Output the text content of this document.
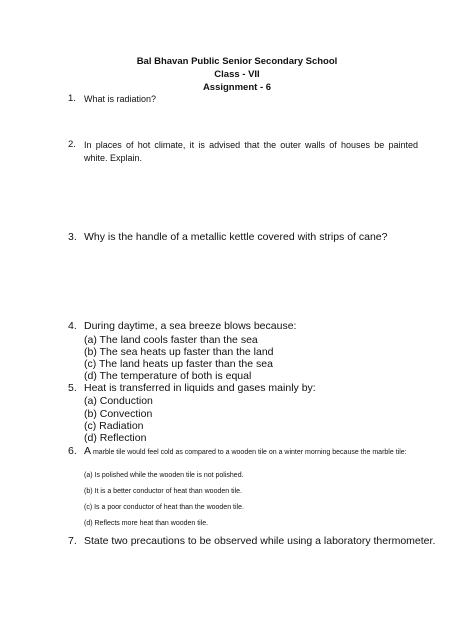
Bal Bhavan Public Senior Secondary School
Class - VII
Assignment - 6
1. What is radiation?
2. In places of hot climate, it is advised that the outer walls of houses be painted white. Explain.
3. Why is the handle of a metallic kettle covered with strips of cane?
4. During daytime, a sea breeze blows because:
(a) The land cools faster than the sea
(b) The sea heats up faster than the land
(c) The land heats up faster than the sea
(d) The temperature of both is equal
5. Heat is transferred in liquids and gases mainly by:
(a) Conduction
(b) Convection
(c) Radiation
(d) Reflection
6. A marble tile would feel cold as compared to a wooden tile on a winter morning because the marble tile:
(a) Is polished while the wooden tile is not polished.
(b) It is a better conductor of heat than wooden tile.
(c) Is a poor conductor of heat than the wooden tile.
(d) Reflects more heat than wooden tile.
7. State two precautions to be observed while using a laboratory thermometer.
